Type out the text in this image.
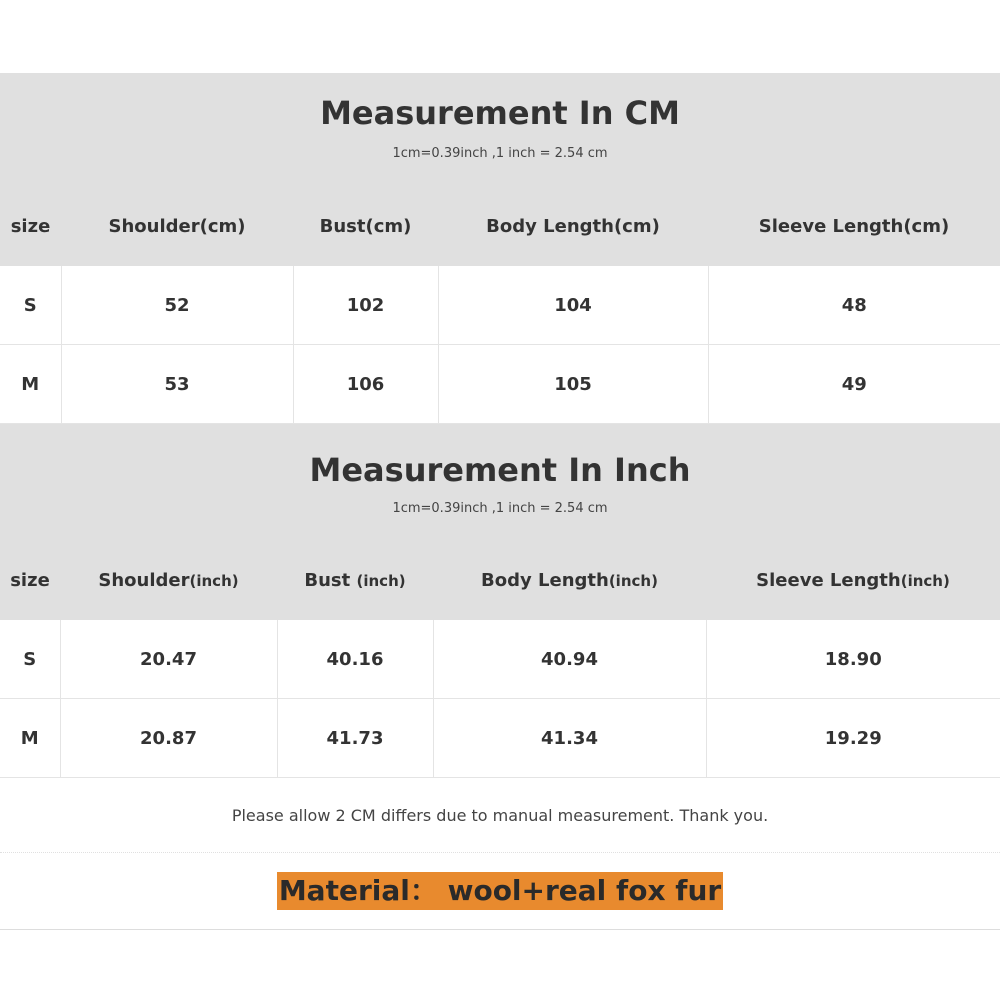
Measurement In CM
1cm=0.39inch ,1 inch = 2.54 cm
size	Shoulder(cm)	Bust(cm)	Body Length(cm)	Sleeve Length(cm)
S	52	102	104	48
M	53	106	105	49
Measurement In Inch
1cm=0.39inch ,1 inch = 2.54 cm
size	Shoulder(inch)	Bust (inch)	Body Length(inch)	Sleeve Length(inch)
S	20.47	40.16	40.94	18.90
M	20.87	41.73	41.34	19.29
Please allow 2 CM differs due to manual measurement. Thank you.
Material： wool+real fox fur
